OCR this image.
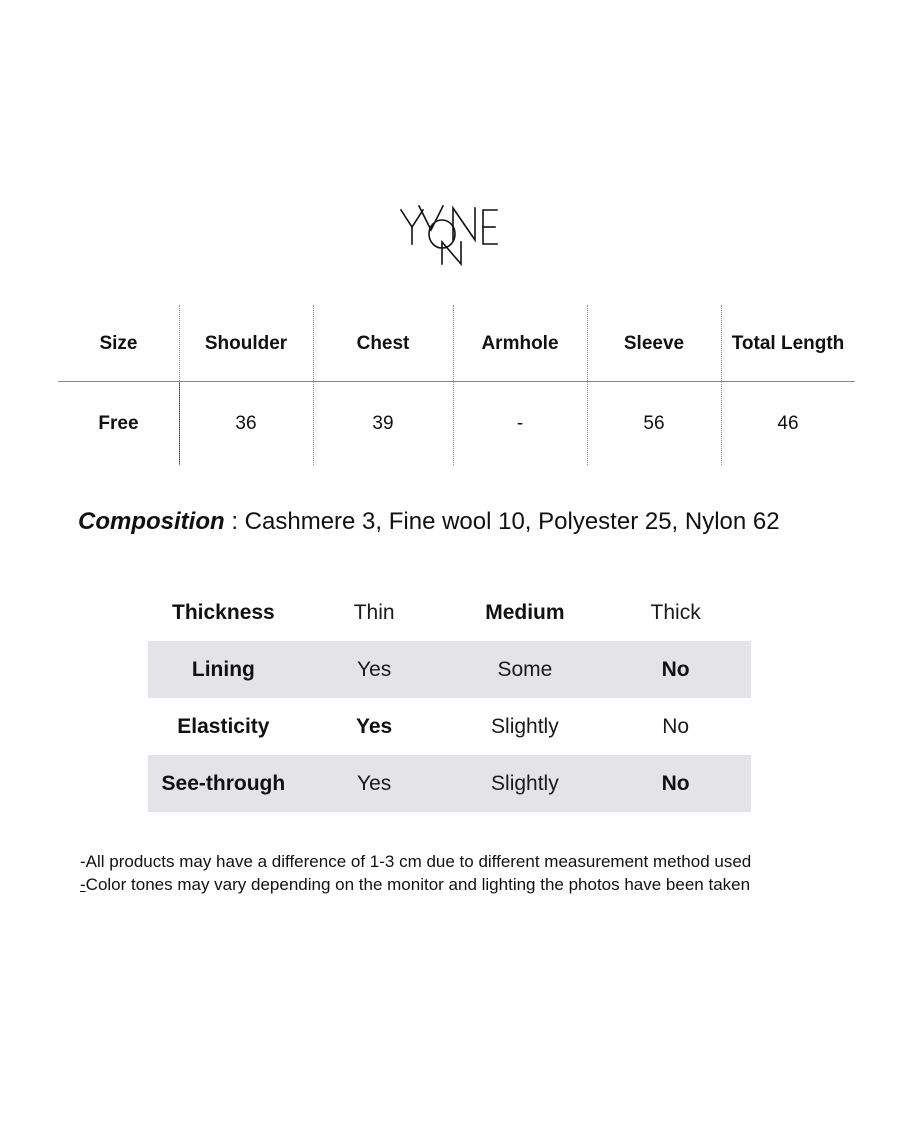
Size	Shoulder	Chest	Armhole	Sleeve	Total Length
Free	36	39	-	56	46
Composition : Cashmere 3, Fine wool 10, Polyester 25, Nylon 62
Thickness	Thin	Medium	Thick
Lining	Yes	Some	No
Elasticity	Yes	Slightly	No
See-through	Yes	Slightly	No
-All products may have a difference of 1-3 cm due to different measurement method used
-Color tones may vary depending on the monitor and lighting the photos have been taken
